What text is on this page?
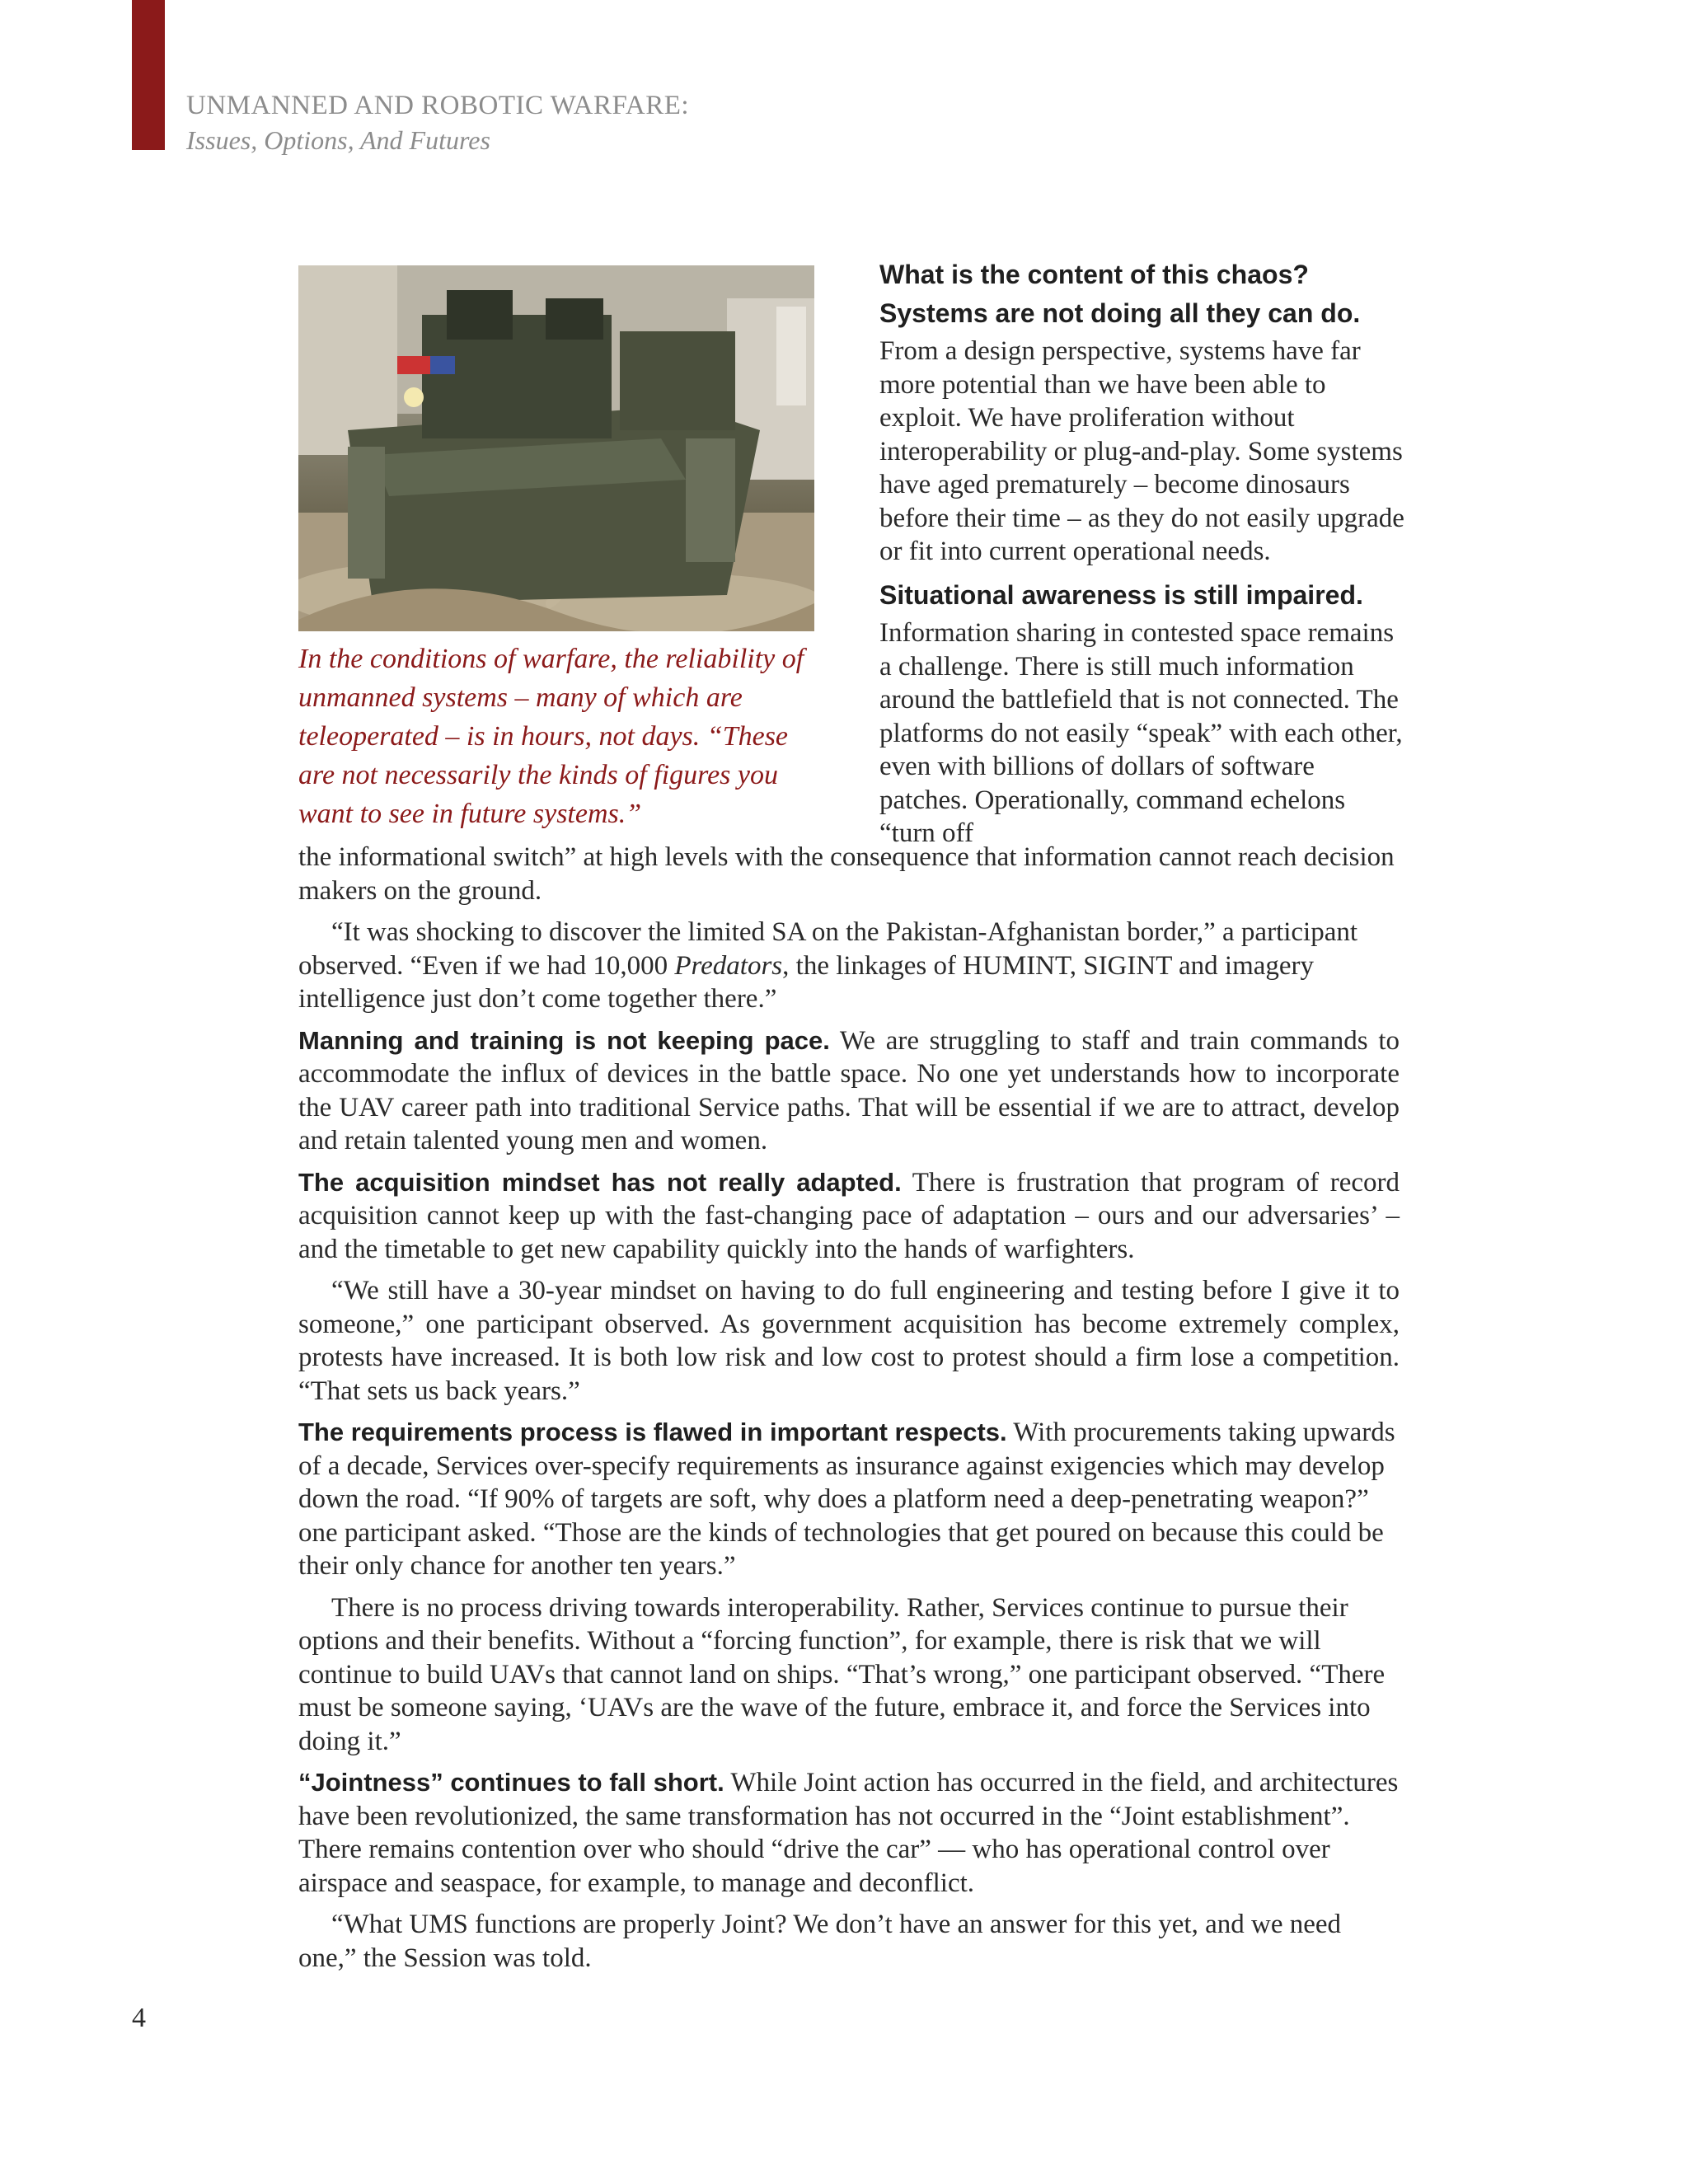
UNMANNED AND ROBOTIC WARFARE:
Issues, Options, And Futures
In the conditions of warfare, the reliability of unmanned systems – many of which are teleoperated – is in hours, not days. “These are not necessarily the kinds of figures you want to see in future systems.”
What is the content of this chaos?
Systems are not doing all they can do.

From a design perspective, systems have far more potential than we have been able to exploit. We have proliferation without interoperability or plug-and-play. Some systems have aged prematurely – become dinosaurs before their time – as they do not easily upgrade or fit into current operational needs.

Situational awareness is still impaired.

Information sharing in contested space remains a challenge. There is still much information around the battlefield that is not connected. The platforms do not easily “speak” with each other, even with billions of dollars of software patches. Operationally, command echelons “turn off

the informational switch” at high levels with the consequence that information cannot reach decision makers on the ground.

“It was shocking to discover the limited SA on the Pakistan-Afghanistan border,” a participant observed. “Even if we had 10,000 Predators, the linkages of HUMINT, SIGINT and imagery intelligence just don’t come together there.”

Manning and training is not keeping pace. We are struggling to staff and train commands to accommodate the influx of devices in the battle space. No one yet understands how to incorporate the UAV career path into traditional Service paths. That will be essential if we are to attract, develop and retain talented young men and women.

The acquisition mindset has not really adapted. There is frustration that program of record acquisition cannot keep up with the fast-changing pace of adaptation – ours and our adversaries’ – and the timetable to get new capability quickly into the hands of warfighters.

“We still have a 30-year mindset on having to do full engineering and testing before I give it to someone,” one participant observed. As government acquisition has become extremely complex, protests have increased. It is both low risk and low cost to protest should a firm lose a competition. “That sets us back years.”

The requirements process is flawed in important respects. With procurements taking upwards of a decade, Services over-specify requirements as insurance against exigencies which may develop down the road. “If 90% of targets are soft, why does a platform need a deep-penetrating weapon?” one participant asked. “Those are the kinds of technologies that get poured on because this could be their only chance for another ten years.”

There is no process driving towards interoperability. Rather, Services continue to pursue their options and their benefits. Without a “forcing function”, for example, there is risk that we will continue to build UAVs that cannot land on ships. “That’s wrong,” one participant observed. “There must be someone saying, ‘UAVs are the wave of the future, embrace it, and force the Services into doing it.”

“Jointness” continues to fall short. While Joint action has occurred in the field, and architectures have been revolutionized, the same transformation has not occurred in the “Joint establishment”. There remains contention over who should “drive the car” — who has operational control over airspace and seaspace, for example, to manage and deconflict.

“What UMS functions are properly Joint? We don’t have an answer for this yet, and we need one,” the Session was told.

4
